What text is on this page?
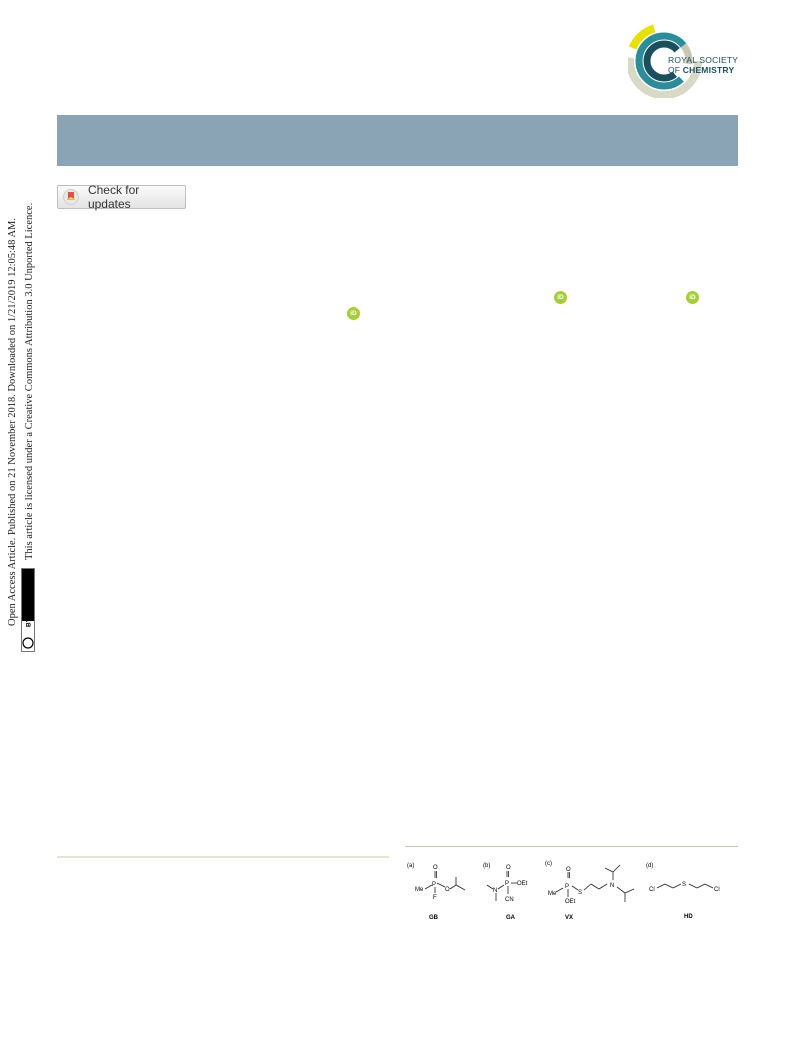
ROYAL SOCIETY
OF CHEMISTRY
Check for updates
Open Access Article. Published on 21 November 2018. Downloaded on 1/21/2019 12:05:48 AM. This article is licensed under a Creative Commons Attribution 3.0 Unported Licence.
BY
iD	iD
iD
(a)	(b)	(c)	(d)
Me
P
O
F
O	N
P
O
OEt
CN
Me
P
O
OEt
S
N
Cl
S
Cl
GB	GA	VX	HD
